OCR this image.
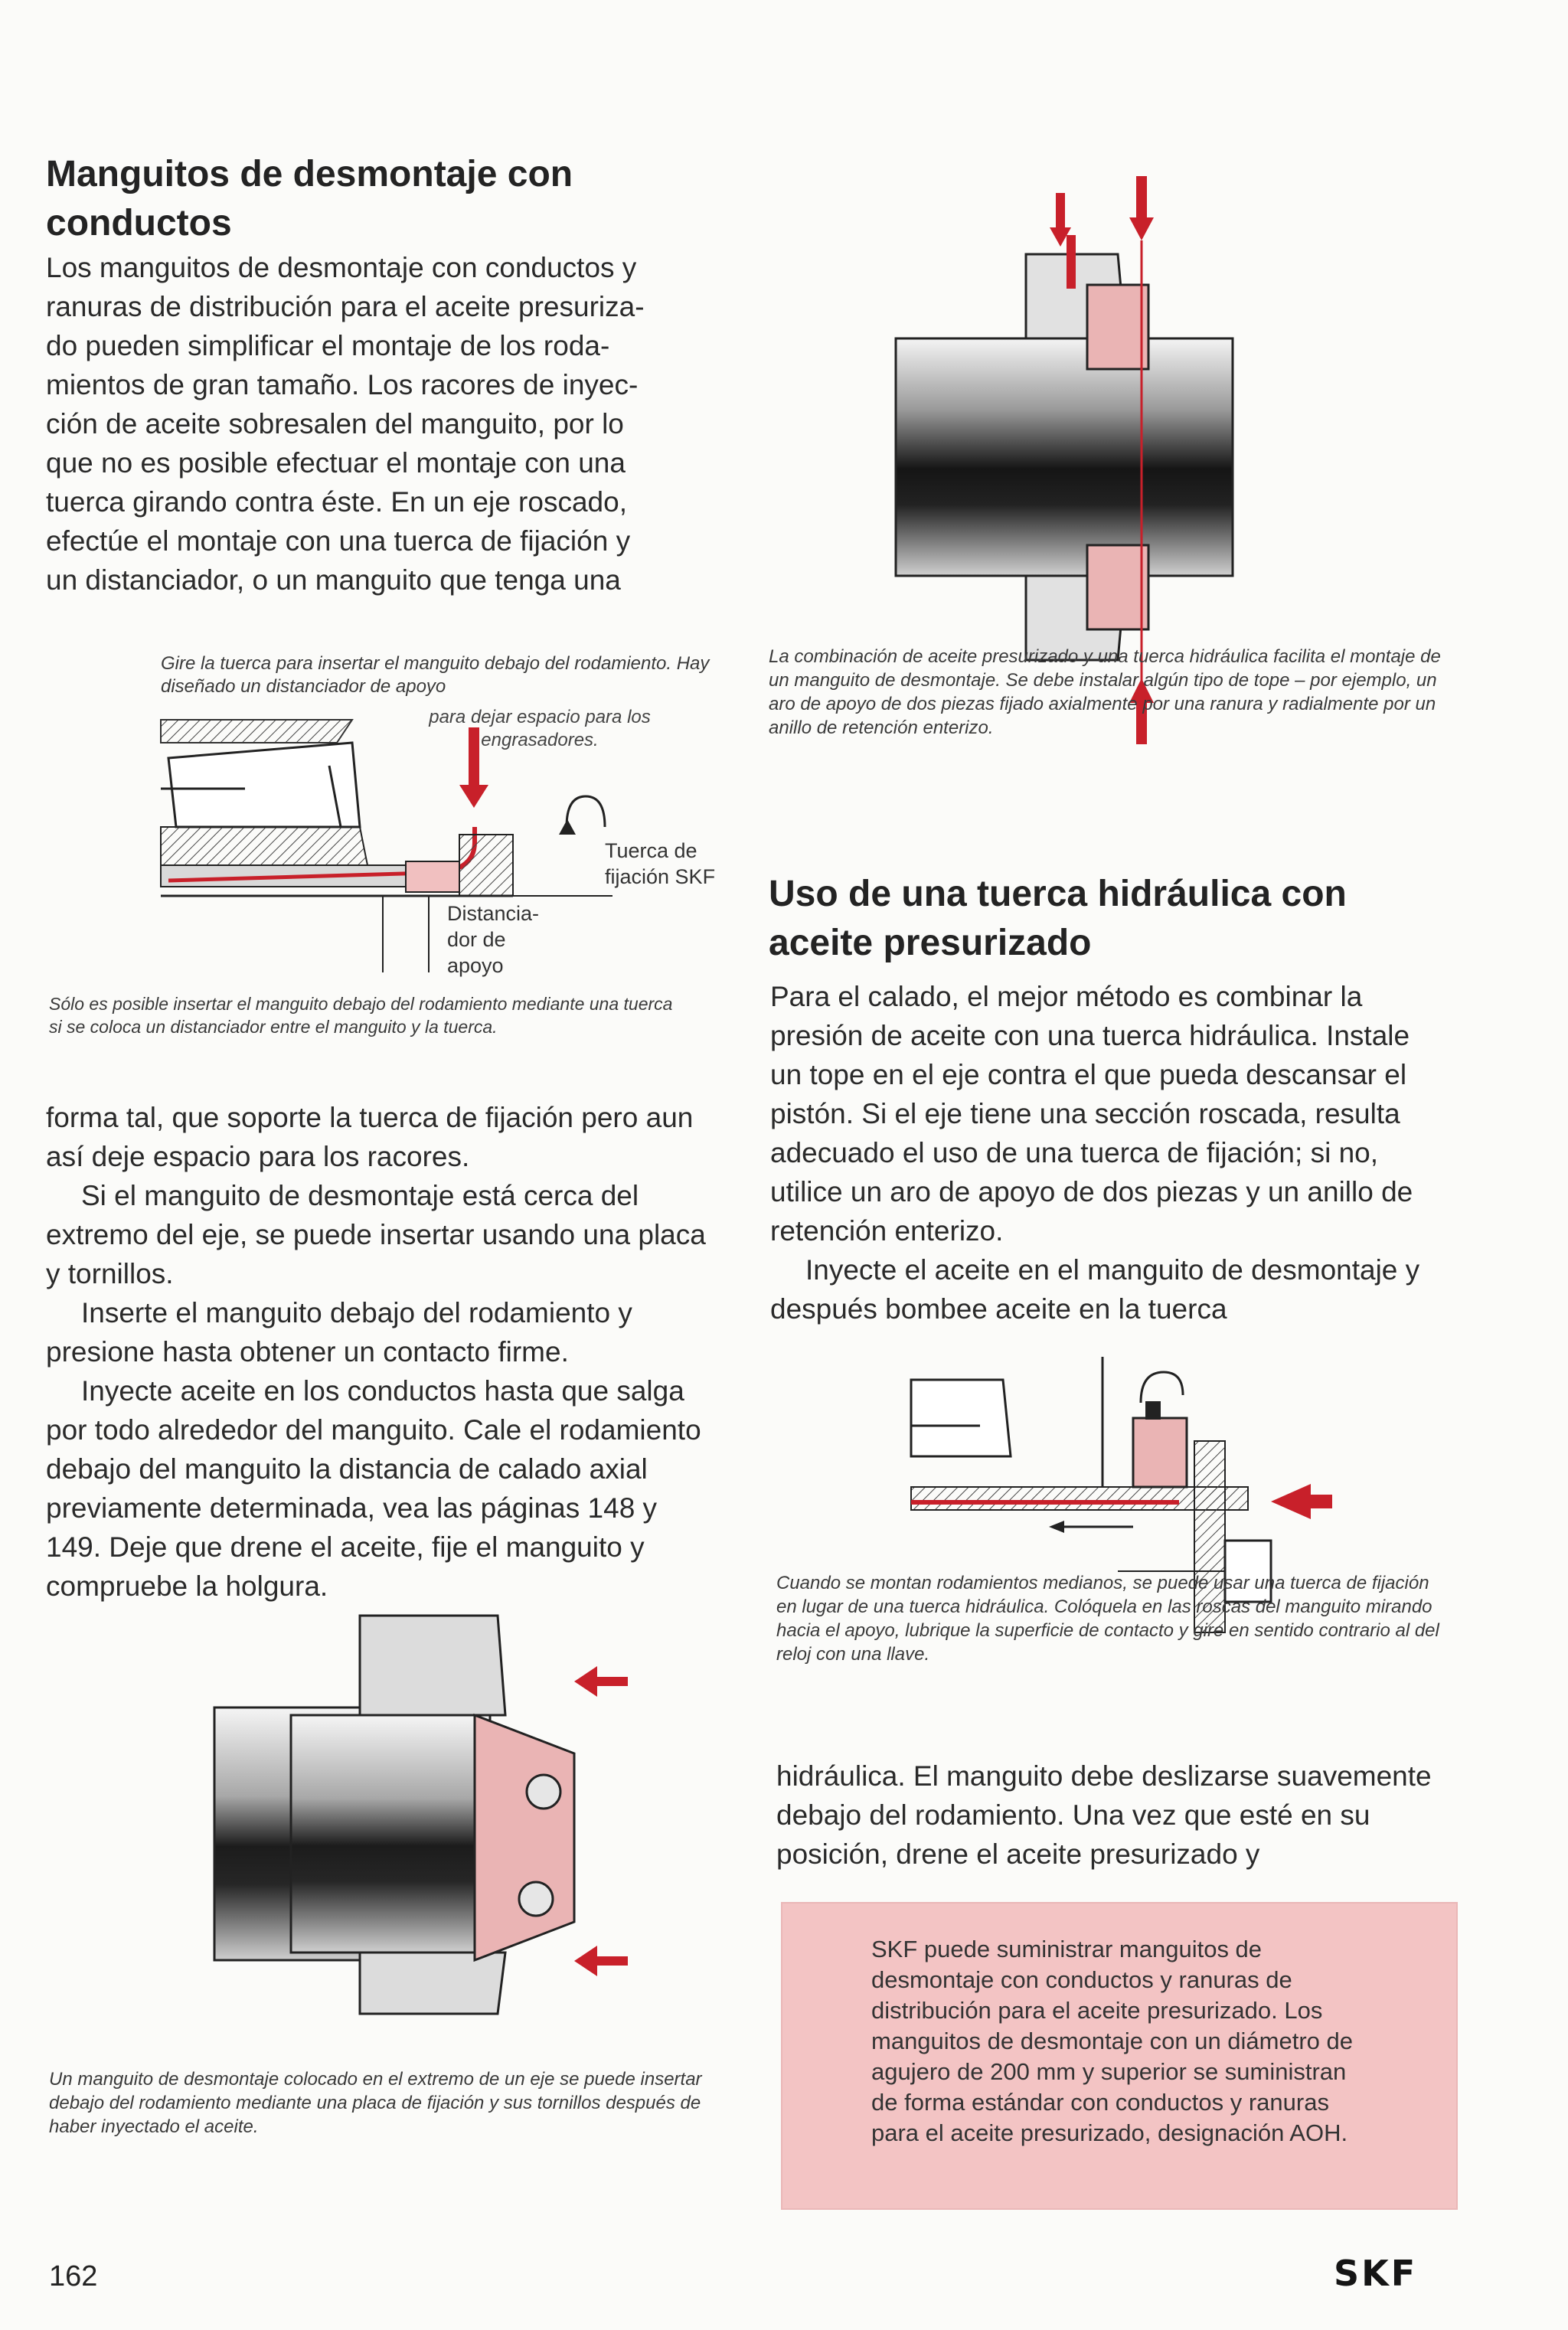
Manguitos de desmontaje con conductos
Los manguitos de desmontaje con conductos y
ranuras de distribución para el aceite presuriza-
do pueden simplificar el montaje de los roda-
mientos de gran tamaño. Los racores de inyec-
ción de aceite sobresalen del manguito, por lo
que no es posible efectuar el montaje con una
tuerca girando contra éste. En un eje roscado,
efectúe el montaje con una tuerca de fijación y
un distanciador, o un manguito que tenga una
Gire la tuerca para insertar el manguito debajo del rodamiento. Hay diseñado un distanciador de apoyo
para dejar espacio para los engrasadores.
Tuerca de fijación SKF
Distancia-dor de apoyo
Sólo es posible insertar el manguito debajo del rodamiento mediante una tuerca si se coloca un distanciador entre el manguito y la tuerca.

forma tal, que soporte la tuerca de fijación pero aun así deje espacio para los racores.

Si el manguito de desmontaje está cerca del extremo del eje, se puede insertar usando una placa y tornillos.

Inserte el manguito debajo del rodamiento y presione hasta obtener un contacto firme.

Inyecte aceite en los conductos hasta que salga por todo alrededor del manguito. Cale el rodamiento debajo del manguito la distancia de calado axial previamente determinada, vea las páginas 148 y 149. Deje que drene el aceite, fije el manguito y compruebe la holgura.

Un manguito de desmontaje colocado en el extremo de un eje se puede insertar debajo del rodamiento mediante una placa de fijación y sus tornillos después de haber inyectado el aceite.
La combinación de aceite presurizado y una tuerca hidráulica facilita el montaje de un manguito de desmontaje. Se debe instalar algún tipo de tope – por ejemplo, un aro de apoyo de dos piezas fijado axialmente por una ranura y radialmente por un anillo de retención enterizo.
Uso de una tuerca hidráulica con aceite presurizado

Para el calado, el mejor método es combinar la presión de aceite con una tuerca hidráulica. Instale un tope en el eje contra el que pueda descansar el pistón. Si el eje tiene una sección roscada, resulta adecuado el uso de una tuerca de fijación; si no, utilice un aro de apoyo de dos piezas y un anillo de retención enterizo.

Inyecte el aceite en el manguito de desmontaje y después bombee aceite en la tuerca

Cuando se montan rodamientos medianos, se puede usar una tuerca de fijación en lugar de una tuerca hidráulica. Colóquela en las roscas del manguito mirando hacia el apoyo, lubrique la superficie de contacto y gire en sentido contrario al del reloj con una llave.
hidráulica. El manguito debe deslizarse suavemente debajo del rodamiento. Una vez que esté en su posición, drene el aceite presurizado y
SKF puede suministrar manguitos de desmontaje con conductos y ranuras de distribución para el aceite presurizado. Los manguitos de desmontaje con un diámetro de agujero de 200 mm y superior se suministran de forma estándar con conductos y ranuras para el aceite presurizado, designación AOH.
162	SKF
